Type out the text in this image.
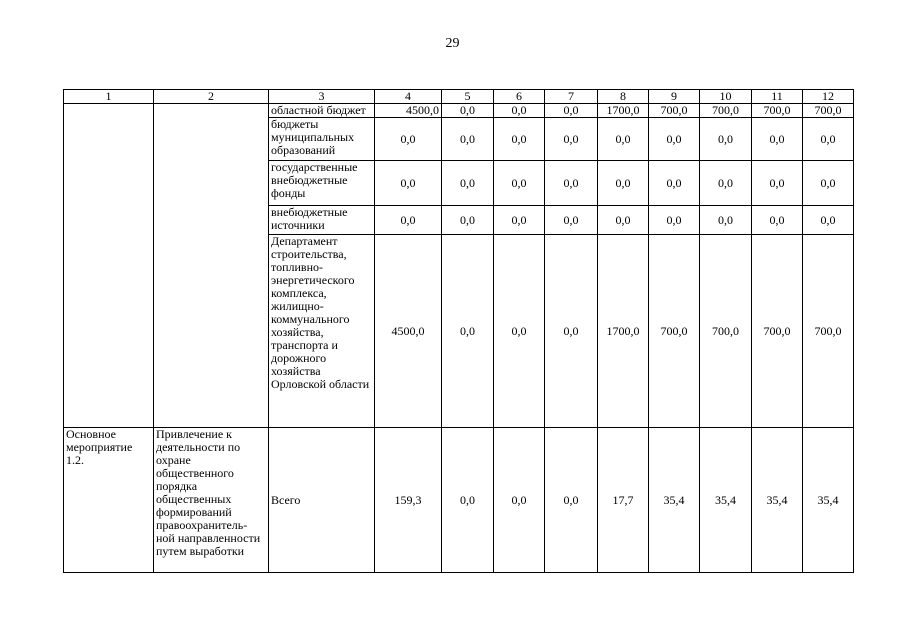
29
1	2	3	4	5	6	7	8	9	10	11	12
		областной бюджет	4500,0	0,0	0,0	0,0	1700,0	700,0	700,0	700,0	700,0
		бюджеты муниципальных образований	0,0	0,0	0,0	0,0	0,0	0,0	0,0	0,0	0,0
		государственные внебюджетные фонды	0,0	0,0	0,0	0,0	0,0	0,0	0,0	0,0	0,0
		внебюджетные источники	0,0	0,0	0,0	0,0	0,0	0,0	0,0	0,0	0,0
		Департамент строительства, топливно-энергетического комплекса, жилищно-коммунального хозяйства, транспорта и дорожного хозяйства Орловской области	4500,0	0,0	0,0	0,0	1700,0	700,0	700,0	700,0	700,0
Основное мероприятие 1.2.	Привлечение к деятельности по охране общественного порядка общественных формирований правоохранитель-ной направленности путем выработки	Всего	159,3	0,0	0,0	0,0	17,7	35,4	35,4	35,4	35,4
